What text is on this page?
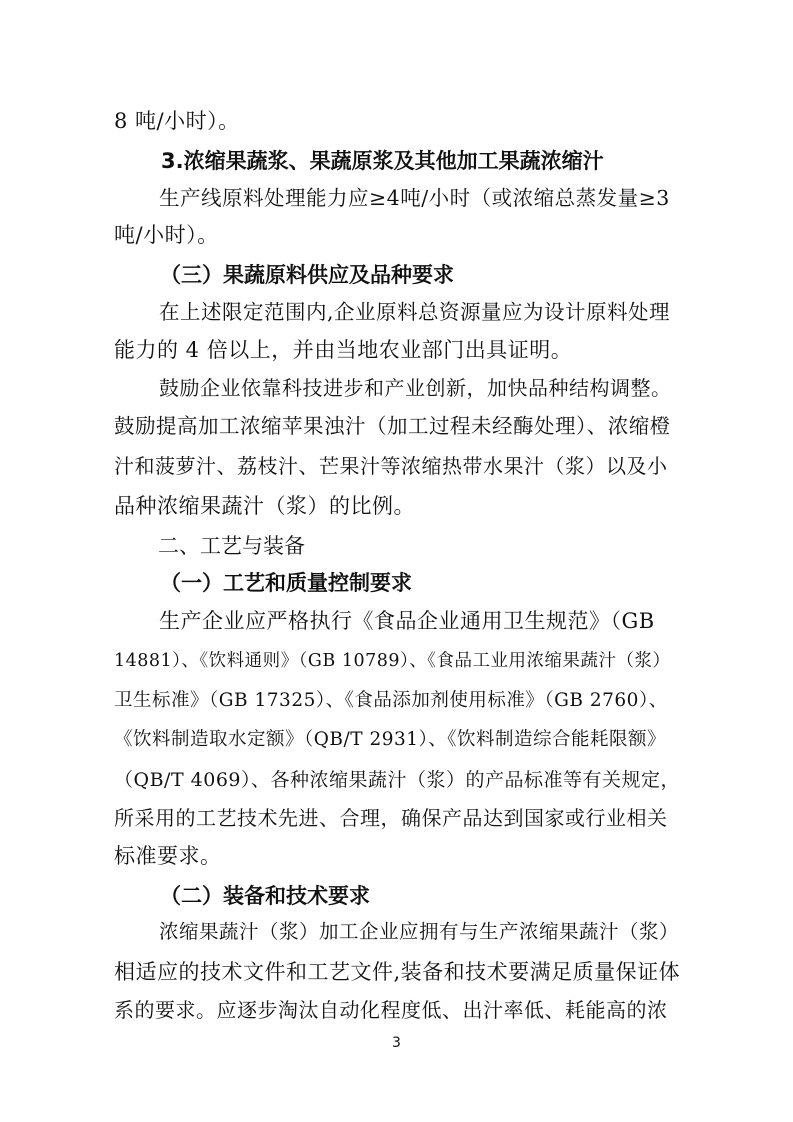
8 吨/小时）。
3.浓缩果蔬浆、果蔬原浆及其他加工果蔬浓缩汁
生产线原料处理能力应≥4吨/小时（或浓缩总蒸发量≥3
吨/小时）。
（三）果蔬原料供应及品种要求
在上述限定范围内,企业原料总资源量应为设计原料处理
能力的 4 倍以上，并由当地农业部门出具证明。
鼓励企业依靠科技进步和产业创新，加快品种结构调整。
鼓励提高加工浓缩苹果浊汁（加工过程未经酶处理）、浓缩橙
汁和菠萝汁、荔枝汁、芒果汁等浓缩热带水果汁（浆）以及小
品种浓缩果蔬汁（浆）的比例。
二、工艺与装备
（一）工艺和质量控制要求
生产企业应严格执行《食品企业通用卫生规范》（GB
14881）、《饮料通则》（GB 10789）、《食品工业用浓缩果蔬汁（浆）
卫生标准》（GB 17325）、《食品添加剂使用标准》（GB 2760）、
《饮料制造取水定额》（QB/T 2931）、《饮料制造综合能耗限额》
（QB/T 4069）、各种浓缩果蔬汁（浆）的产品标准等有关规定，
所采用的工艺技术先进、合理，确保产品达到国家或行业相关
标准要求。
（二）装备和技术要求
浓缩果蔬汁（浆）加工企业应拥有与生产浓缩果蔬汁（浆）
相适应的技术文件和工艺文件,装备和技术要满足质量保证体
系的要求。应逐步淘汰自动化程度低、出汁率低、耗能高的浓
3
